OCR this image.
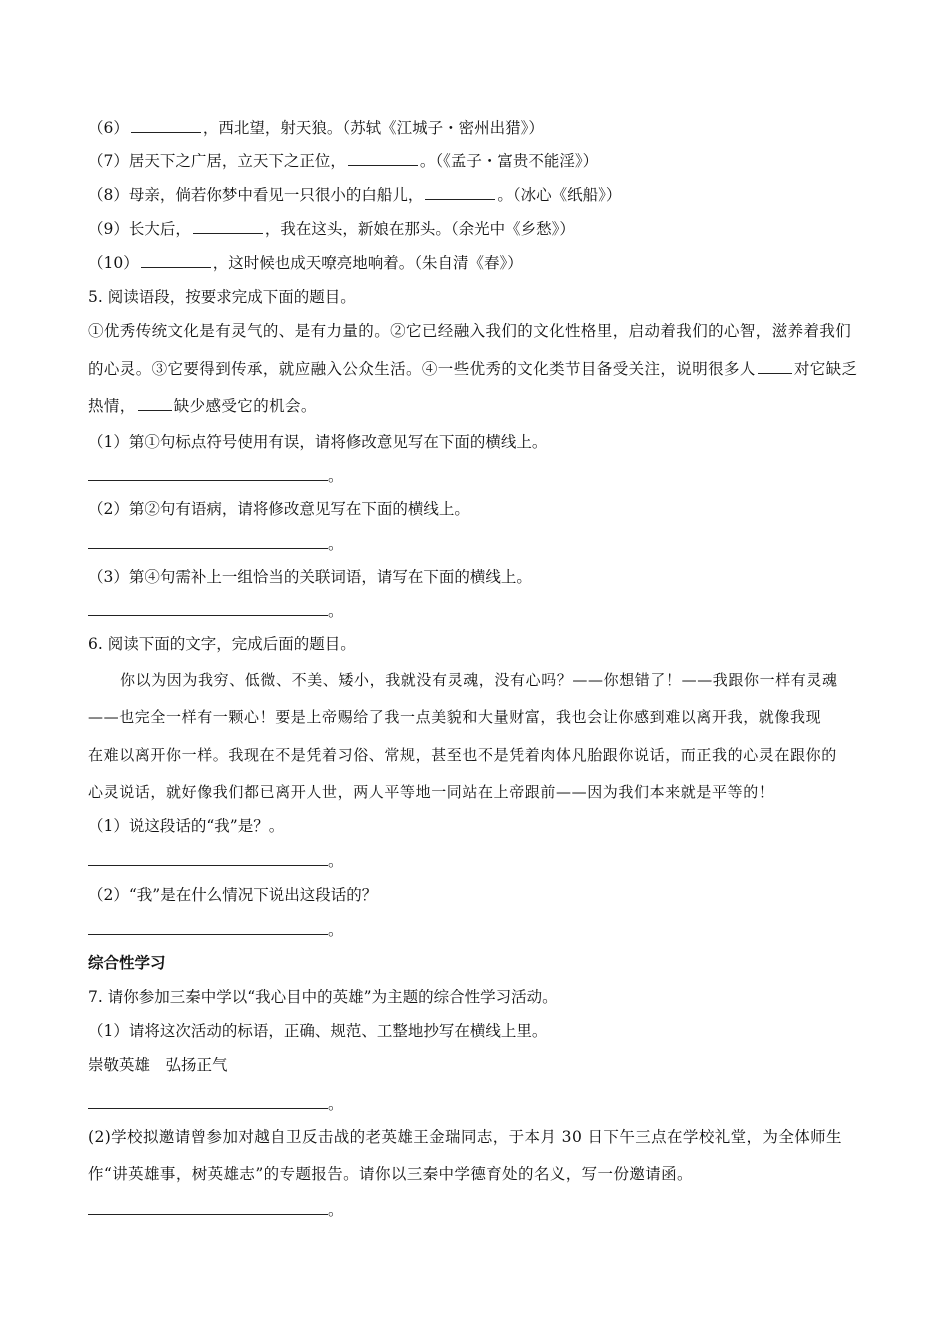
（6）	，西北望，射天狼。（苏轼《江城子・密州出猎》）
（7）居天下之广居，立天下之正位，	。（《孟子・富贵不能淫》）
（8）母亲，倘若你梦中看见一只很小的白船儿，	。（冰心《纸船》）
（9）长大后，	，我在这头，新娘在那头。（余光中《乡愁》）
（10）	，这时候也成天嘹亮地响着。（朱自清《春》）
5. 阅读语段，按要求完成下面的题目。
①优秀传统文化是有灵气的、是有力量的。②它已经融入我们的文化性格里，启动着我们的心智，滋养着我们
的心灵。③它要得到传承，就应融入公众生活。④一些优秀的文化类节目备受关注，说明很多人 对它缺乏
热情， 缺少感受它的机会。
（1）第①句标点符号使用有误，请将修改意见写在下面的横线上。
。
（2）第②句有语病，请将修改意见写在下面的横线上。
。
（3）第④句需补上一组恰当的关联词语，请写在下面的横线上。
。
6. 阅读下面的文字，完成后面的题目。
你以为因为我穷、低微、不美、矮小，我就没有灵魂，没有心吗？——你想错了！——我跟你一样有灵魂
——也完全一样有一颗心！要是上帝赐给了我一点美貌和大量财富，我也会让你感到难以离开我，就像我现
在难以离开你一样。我现在不是凭着习俗、常规，甚至也不是凭着肉体凡胎跟你说话，而正我的心灵在跟你的
心灵说话，就好像我们都已离开人世，两人平等地一同站在上帝跟前——因为我们本来就是平等的！
（1）说这段话的“我”是？。
。
（2）“我”是在什么情况下说出这段话的？
。
综合性学习
7. 请你参加三秦中学以“我心目中的英雄”为主题的综合性学习活动。
（1）请将这次活动的标语，正确、规范、工整地抄写在横线上里。
崇敬英雄　弘扬正气
。
(2)学校拟邀请曾参加对越自卫反击战的老英雄王金瑞同志，于本月 30 日下午三点在学校礼堂，为全体师生
作“讲英雄事，树英雄志”的专题报告。请你以三秦中学德育处的名义，写一份邀请函。
。
